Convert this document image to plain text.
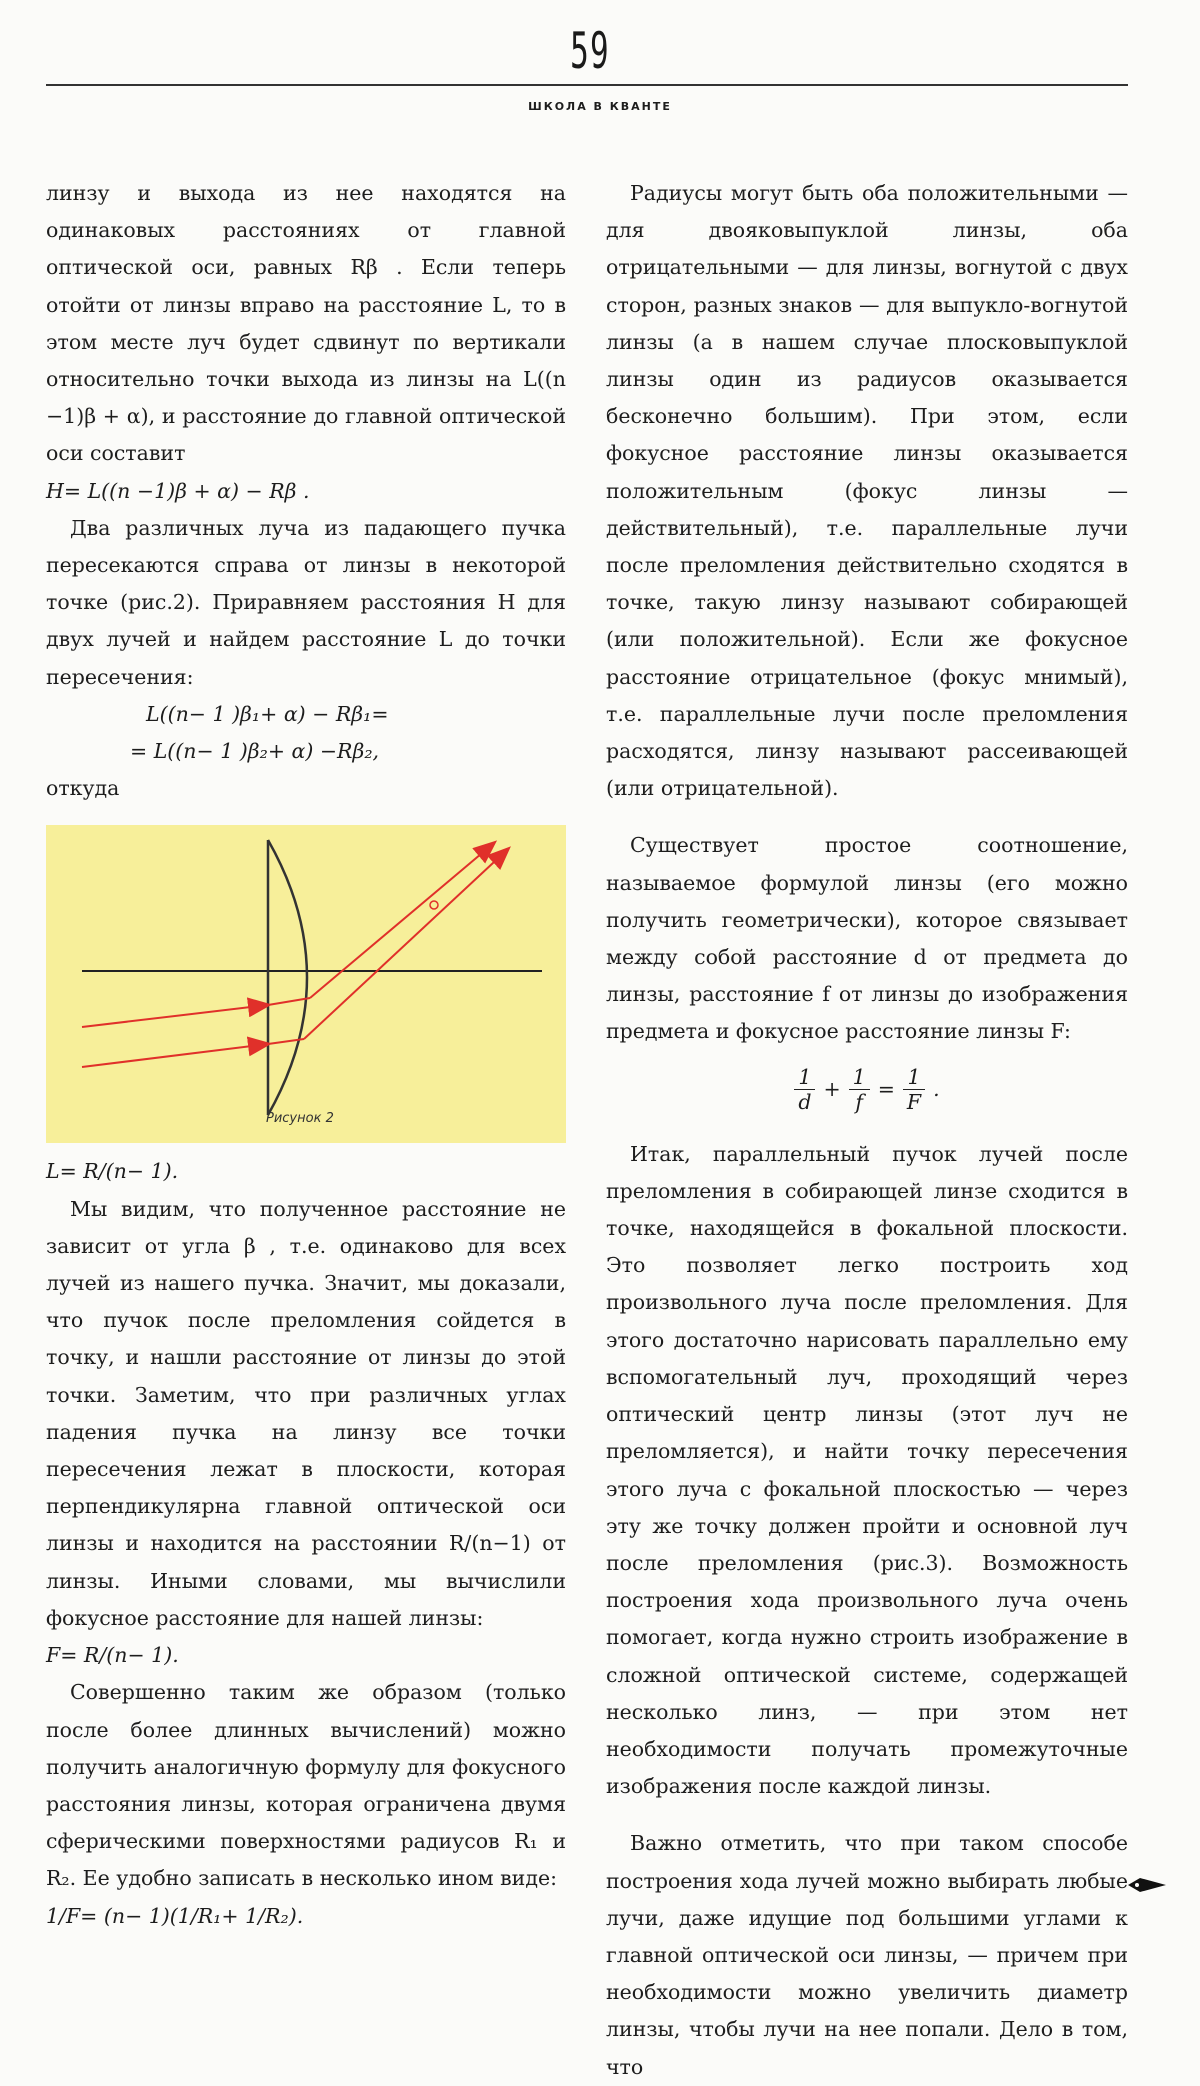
59
ШКОЛА В КВАНТЕ

линзу и выхода из нее находятся на одинаковых расстояниях от главной оптической оси, равных Rβ . Если теперь отойти от линзы вправо на расстояние L, то в этом месте луч будет сдвинут по вертикали относительно точки выхода из линзы на L((n −1)β + α), и расстояние до главной оптической оси составит

H= L((n −1)β + α) − Rβ .

Два различных луча из падающего пучка пересекаются справа от линзы в некоторой точке (рис.2). Приравняем расстояния H для двух лучей и найдем расстояние L до точки пересечения:

L((n− 1 )β₁+ α) − Rβ₁=

= L((n− 1 )β₂+ α) −Rβ₂,

откуда

Рисунок 2

L= R/(n− 1).

Мы видим, что полученное расстояние не зависит от угла β , т.е. одинаково для всех лучей из нашего пучка. Значит, мы доказали, что пучок после преломления сойдется в точку, и нашли расстояние от линзы до этой точки. Заметим, что при различных углах падения пучка на линзу все точки пересечения лежат в плоскости, которая перпендикулярна главной оптической оси линзы и находится на расстоянии R/(n−1) от линзы. Иными словами, мы вычислили фокусное расстояние для нашей линзы:

F= R/(n− 1).

Совершенно таким же образом (только после более длинных вычислений) можно получить аналогичную формулу для фокусного расстояния линзы, которая ограничена двумя сферическими поверхностями радиусов R₁ и R₂. Ее удобно записать в несколько ином виде:

1/F= (n− 1)(1/R₁+ 1/R₂).

Радиусы могут быть оба положительными — для двояковыпуклой линзы, оба отрицательными — для линзы, вогнутой с двух сторон, разных знаков — для выпукло-вогнутой линзы (а в нашем случае плосковыпуклой линзы один из радиусов оказывается бесконечно большим). При этом, если фокусное расстояние линзы оказывается положительным (фокус линзы — действительный), т.е. параллельные лучи после преломления действительно сходятся в точке, такую линзу называют собирающей (или положительной). Если же фокусное расстояние отрицательное (фокус мнимый), т.е. параллельные лучи после преломления расходятся, линзу называют рассеивающей (или отрицательной).

Существует простое соотношение, называемое формулой линзы (его можно получить геометрически), которое связывает между собой расстояние d от предмета до линзы, расстояние f от линзы до изображения предмета и фокусное расстояние линзы F:

$\frac{1}{d} + \frac{1}{f} = \frac{1}{F}$ .

Итак, параллельный пучок лучей после преломления в собирающей линзе сходится в точке, находящейся в фокальной плоскости. Это позволяет легко построить ход произвольного луча после преломления. Для этого достаточно нарисовать параллельно ему вспомогательный луч, проходящий через оптический центр линзы (этот луч не преломляется), и найти точку пересечения этого луча с фокальной плоскостью — через эту же точку должен пройти и основной луч после преломления (рис.3). Возможность построения хода произвольного луча очень помогает, когда нужно строить изображение в сложной оптической системе, содержащей несколько линз, — при этом нет необходимости получать промежуточные изображения после каждой линзы.

Важно отметить, что при таком способе построения хода лучей можно выбирать любые лучи, даже идущие под большими углами к главной оптической оси линзы, — причем при необходимости можно увеличить диаметр линзы, чтобы лучи на нее попали. Дело в том, что
